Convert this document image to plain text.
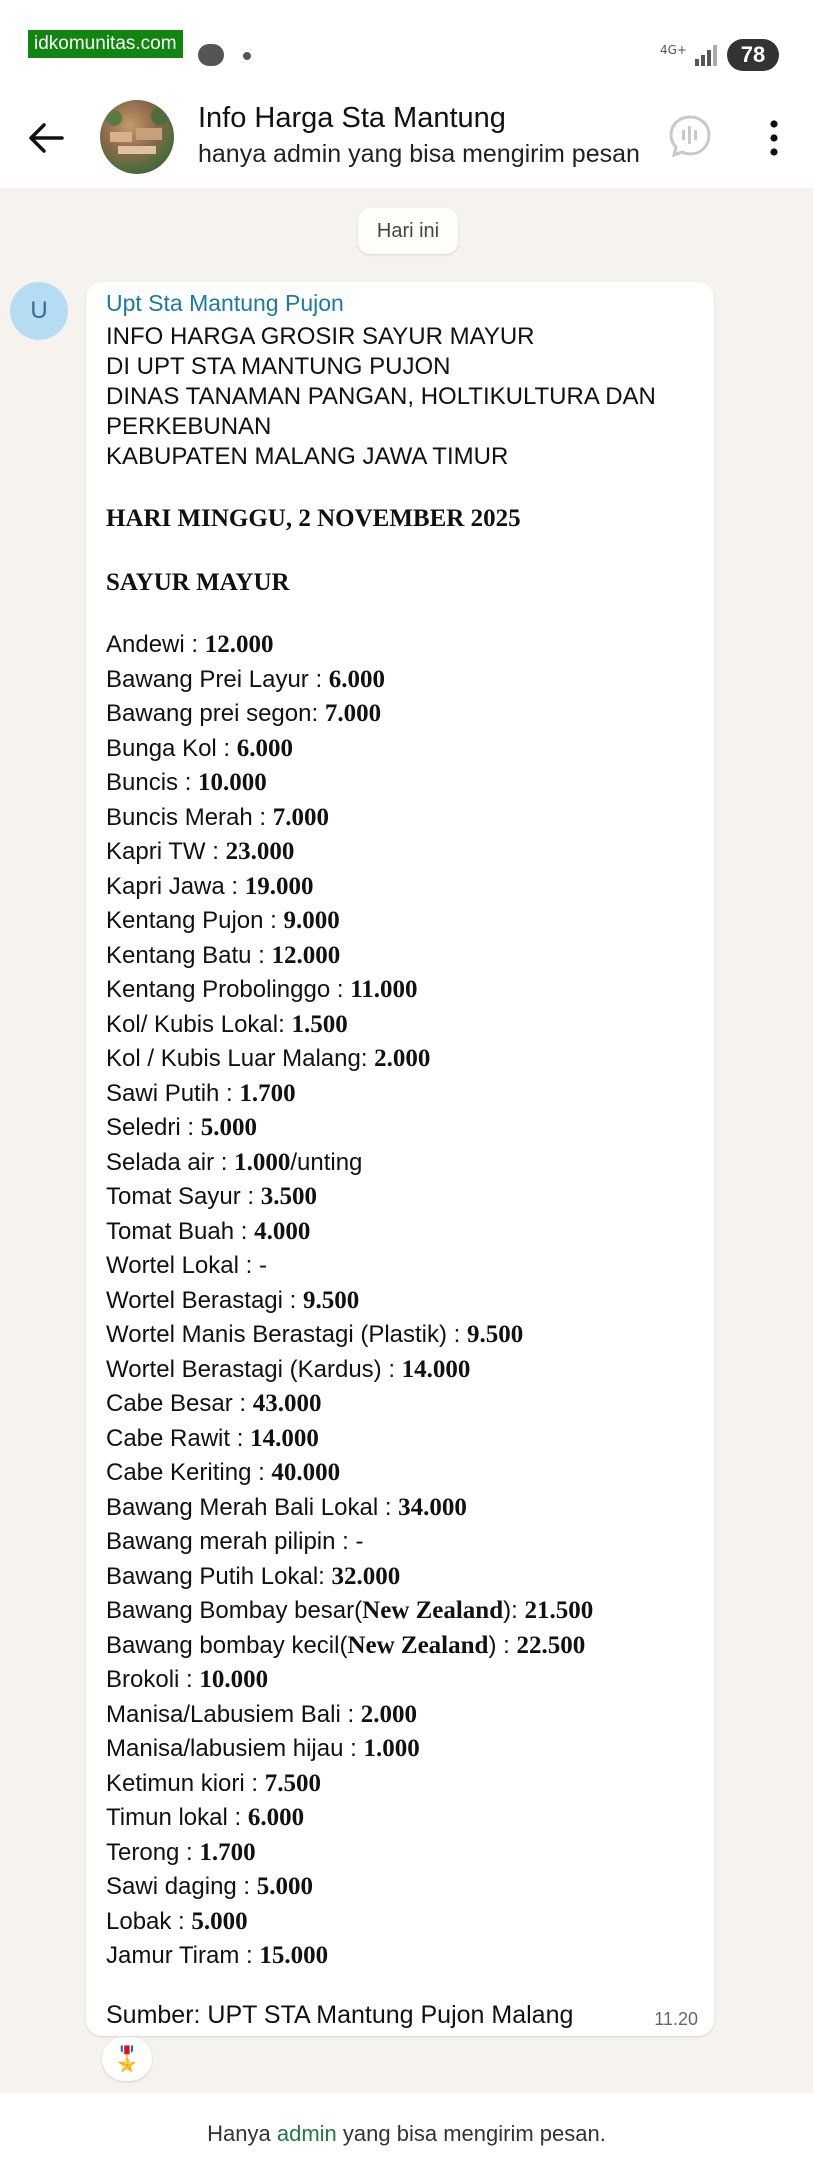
idkomunitas.com	4G+	78
Info Harga Sta Mantung
hanya admin yang bisa mengirim pesan
Hari ini
U	Upt Sta Mantung Pujon
INFO HARGA GROSIR SAYUR MAYUR
DI UPT STA MANTUNG PUJON
DINAS TANAMAN PANGAN, HOLTIKULTURA DAN PERKEBUNAN
KABUPATEN MALANG JAWA TIMUR
HARI MINGGU, 2 NOVEMBER 2025
SAYUR MAYUR
Andewi : 12.000
Bawang Prei Layur : 6.000
Bawang prei segon: 7.000
Bunga Kol : 6.000
Buncis : 10.000
Buncis Merah : 7.000
Kapri TW : 23.000
Kapri Jawa : 19.000
Kentang Pujon : 9.000
Kentang Batu : 12.000
Kentang Probolinggo : 11.000
Kol/ Kubis Lokal: 1.500
Kol / Kubis Luar Malang: 2.000
Sawi Putih : 1.700
Seledri : 5.000
Selada air : 1.000/unting
Tomat Sayur : 3.500
Tomat Buah : 4.000
Wortel Lokal : -
Wortel Berastagi : 9.500
Wortel Manis Berastagi (Plastik) : 9.500
Wortel Berastagi (Kardus) : 14.000
Cabe Besar : 43.000
Cabe Rawit : 14.000
Cabe Keriting : 40.000
Bawang Merah Bali Lokal : 34.000
Bawang merah pilipin : -
Bawang Putih Lokal: 32.000
Bawang Bombay besar(New Zealand): 21.500
Bawang bombay kecil(New Zealand) : 22.500
Brokoli : 10.000
Manisa/Labusiem Bali : 2.000
Manisa/labusiem hijau : 1.000
Ketimun kiori : 7.500
Timun lokal : 6.000
Terong : 1.700
Sawi daging : 5.000
Lobak : 5.000
Jamur Tiram : 15.000
Sumber: UPT STA Mantung Pujon Malang	11.20
🎖️
Hanya admin yang bisa mengirim pesan.
